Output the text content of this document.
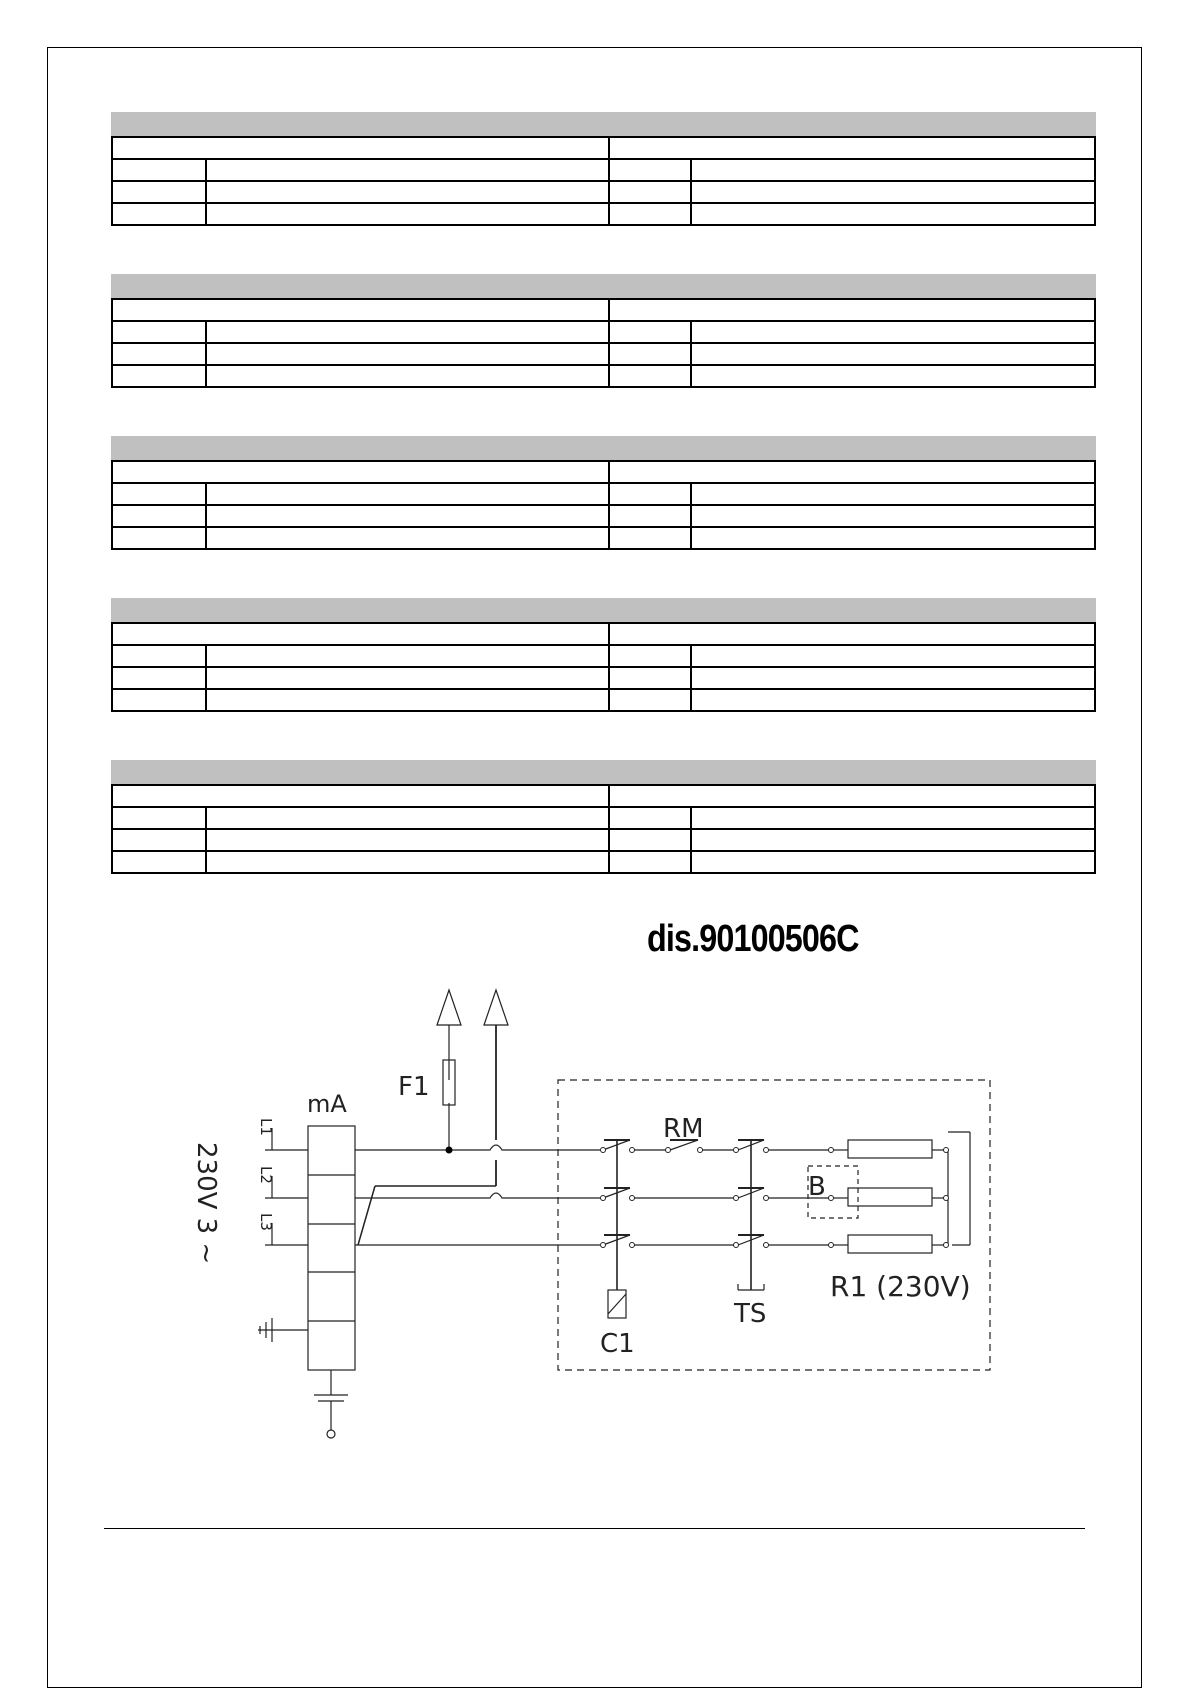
dis.90100506C
mA
F1
RM
B
C1
TS
R1 (230V)
L1
L2
L3
230V 3 ~
